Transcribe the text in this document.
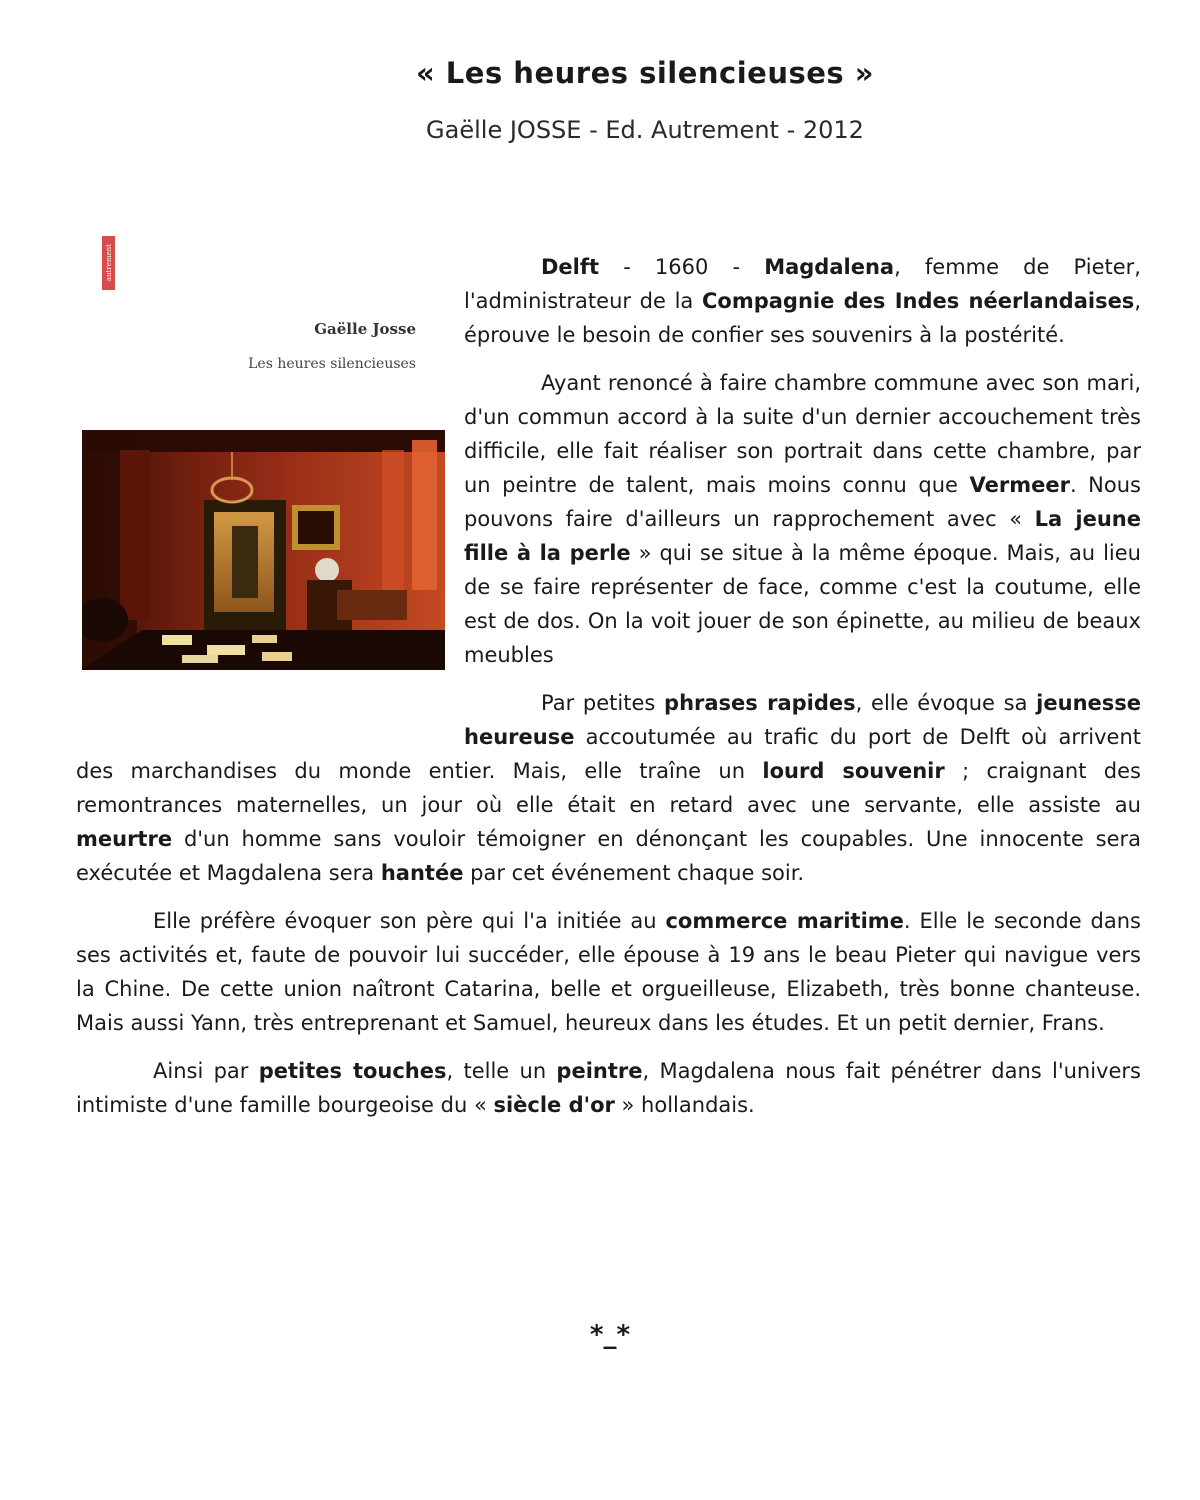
« Les heures silencieuses »
Gaëlle JOSSE - Ed. Autrement - 2012
autrement
Gaëlle Josse
Les heures silencieuses

Delft - 1660 - Magdalena, femme de Pieter, l'administrateur de la Compagnie des Indes néerlandaises, éprouve le besoin de confier ses souvenirs à la postérité.

Ayant renoncé à faire chambre commune avec son mari, d'un commun accord à la suite d'un dernier accouchement très difficile, elle fait réaliser son portrait dans cette chambre, par un peintre de talent, mais moins connu que Vermeer. Nous pouvons faire d'ailleurs un rapprochement avec « La jeune fille à la perle » qui se situe à la même époque. Mais, au lieu de se faire représenter de face, comme c'est la coutume, elle est de dos. On la voit jouer de son épinette, au milieu de beaux meubles

Par petites phrases rapides, elle évoque sa jeunesse heureuse accoutumée au trafic du port de Delft où arrivent des marchandises du monde entier. Mais, elle traîne un lourd souvenir ; craignant des remontrances maternelles, un jour où elle était en retard avec une servante, elle assiste au meurtre d'un homme sans vouloir témoigner en dénonçant les coupables. Une innocente sera exécutée et Magdalena sera hantée par cet événement chaque soir.

Elle préfère évoquer son père qui l'a initiée au commerce maritime. Elle le seconde dans ses activités et, faute de pouvoir lui succéder, elle épouse à 19 ans le beau Pieter qui navigue vers la Chine. De cette union naîtront Catarina, belle et orgueilleuse, Elizabeth, très bonne chanteuse. Mais aussi Yann, très entreprenant et Samuel, heureux dans les études. Et un petit dernier, Frans.

Ainsi par petites touches, telle un peintre, Magdalena nous fait pénétrer dans l'univers intimiste d'une famille bourgeoise du « siècle d'or » hollandais.

*_*
